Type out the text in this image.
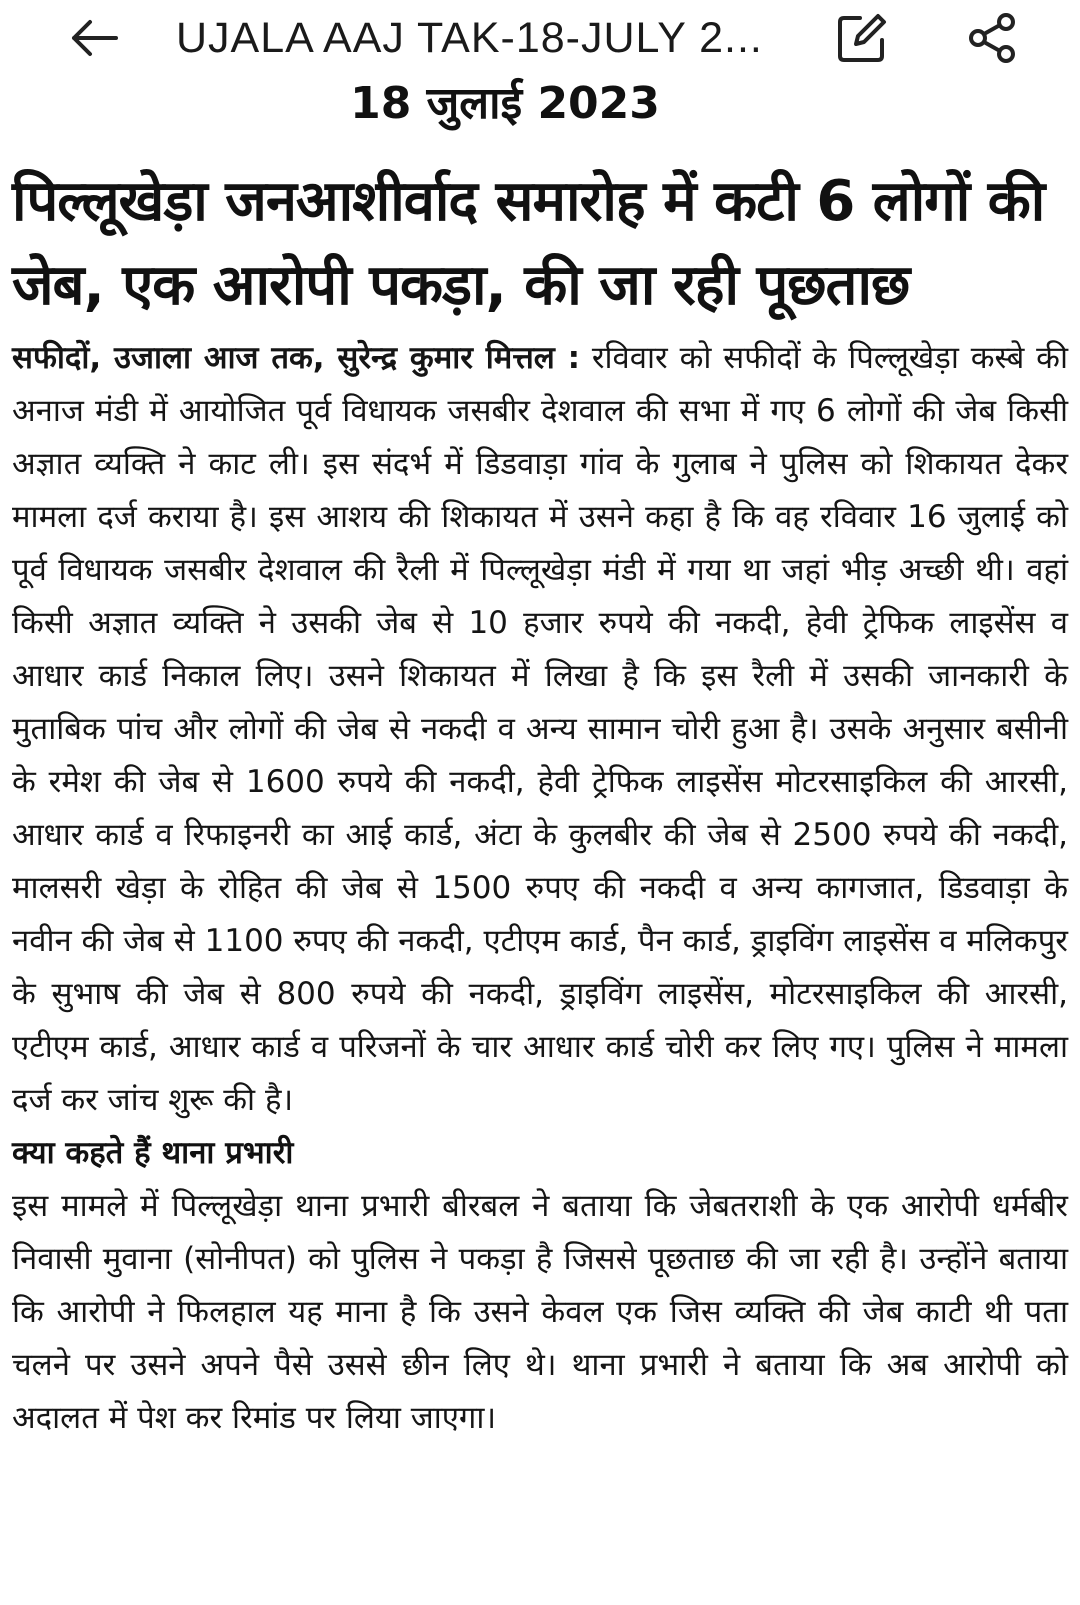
UJALA AAJ TAK-18-JULY 2...
18 जुलाई 2023
पिल्लूखेड़ा जनआशीर्वाद समारोह में कटी 6 लोगों की जेब, एक आरोपी पकड़ा, की जा रही पूछताछ

सफीदों, उजाला आज तक, सुरेन्द्र कुमार मित्तल : रविवार को सफीदों के पिल्लूखेड़ा कस्बे की अनाज मंडी में आयोजित पूर्व विधायक जसबीर देशवाल की सभा में गए 6 लोगों की जेब किसी अज्ञात व्यक्ति ने काट ली। इस संदर्भ में डिडवाड़ा गांव के गुलाब ने पुलिस को शिकायत देकर मामला दर्ज कराया है। इस आशय की शिकायत में उसने कहा है कि वह रविवार 16 जुलाई को पूर्व विधायक जसबीर देशवाल की रैली में पिल्लूखेड़ा मंडी में गया था जहां भीड़ अच्छी थी। वहां किसी अज्ञात व्यक्ति ने उसकी जेब से 10 हजार रुपये की नकदी, हेवी ट्रेफिक लाइसेंस व आधार कार्ड निकाल लिए। उसने शिकायत में लिखा है कि इस रैली में उसकी जानकारी के मुताबिक पांच और लोगों की जेब से नकदी व अन्य सामान चोरी हुआ है। उसके अनुसार बसीनी के रमेश की जेब से 1600 रुपये की नकदी, हेवी ट्रेफिक लाइसेंस मोटरसाइकिल की आरसी, आधार कार्ड व रिफाइनरी का आई कार्ड, अंटा के कुलबीर की जेब से 2500 रुपये की नकदी, मालसरी खेड़ा के रोहित की जेब से 1500 रुपए की नकदी व अन्य कागजात, डिडवाड़ा के नवीन की जेब से 1100 रुपए की नकदी, एटीएम कार्ड, पैन कार्ड, ड्राइविंग लाइसेंस व मलिकपुर के सुभाष की जेब से 800 रुपये की नकदी, ड्राइविंग लाइसेंस, मोटरसाइकिल की आरसी, एटीएम कार्ड, आधार कार्ड व परिजनों के चार आधार कार्ड चोरी कर लिए गए। पुलिस ने मामला दर्ज कर जांच शुरू की है।

क्या कहते हैं थाना प्रभारी

इस मामले में पिल्लूखेड़ा थाना प्रभारी बीरबल ने बताया कि जेबतराशी के एक आरोपी धर्मबीर निवासी मुवाना (सोनीपत) को पुलिस ने पकड़ा है जिससे पूछताछ की जा रही है। उन्होंने बताया कि आरोपी ने फिलहाल यह माना है कि उसने केवल एक जिस व्यक्ति की जेब काटी थी पता चलने पर उसने अपने पैसे उससे छीन लिए थे। थाना प्रभारी ने बताया कि अब आरोपी को अदालत में पेश कर रिमांड पर लिया जाएगा।
